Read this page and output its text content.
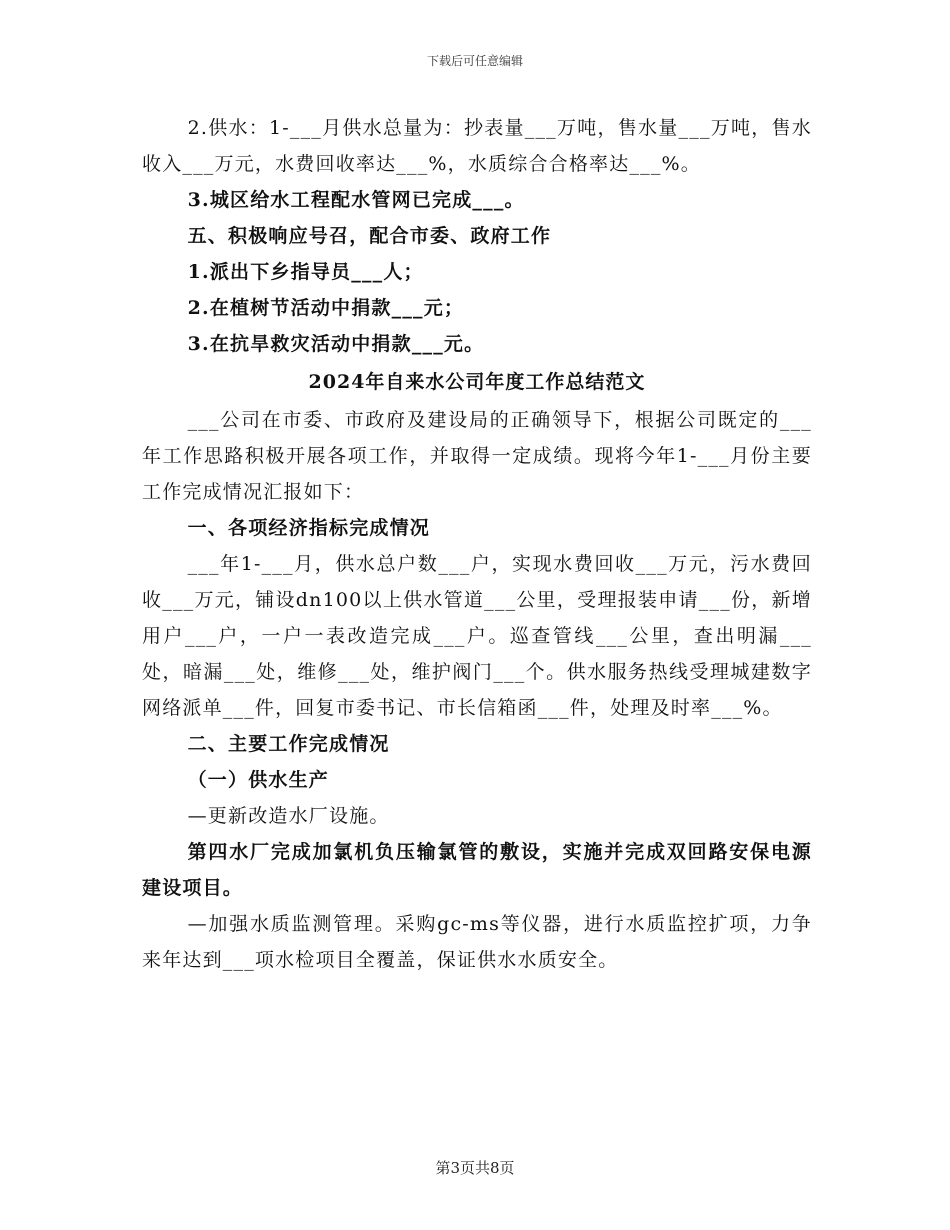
下载后可任意编辑

2.供水：1-___月供水总量为：抄表量___万吨，售水量___万吨，售水收入___万元，水费回收率达___%，水质综合合格率达___%。

3.城区给水工程配水管网已完成___。

五、积极响应号召，配合市委、政府工作

1.派出下乡指导员___人；

2.在植树节活动中捐款___元；

3.在抗旱救灾活动中捐款___元。

2024年自来水公司年度工作总结范文

___公司在市委、市政府及建设局的正确领导下，根据公司既定的___年工作思路积极开展各项工作，并取得一定成绩。现将今年1-___月份主要工作完成情况汇报如下：

一、各项经济指标完成情况

___年1-___月，供水总户数___户，实现水费回收___万元，污水费回收___万元，铺设dn100以上供水管道___公里，受理报装申请___份，新增用户___户，一户一表改造完成___户。巡查管线___公里，查出明漏___处，暗漏___处，维修___处，维护阀门___个。供水服务热线受理城建数字网络派单___件，回复市委书记、市长信箱函___件，处理及时率___%。

二、主要工作完成情况

（一）供水生产

—更新改造水厂设施。

第四水厂完成加氯机负压输氯管的敷设，实施并完成双回路安保电源建设项目。

—加强水质监测管理。采购gc-ms等仪器，进行水质监控扩项，力争来年达到___项水检项目全覆盖，保证供水水质安全。

第3页共8页
